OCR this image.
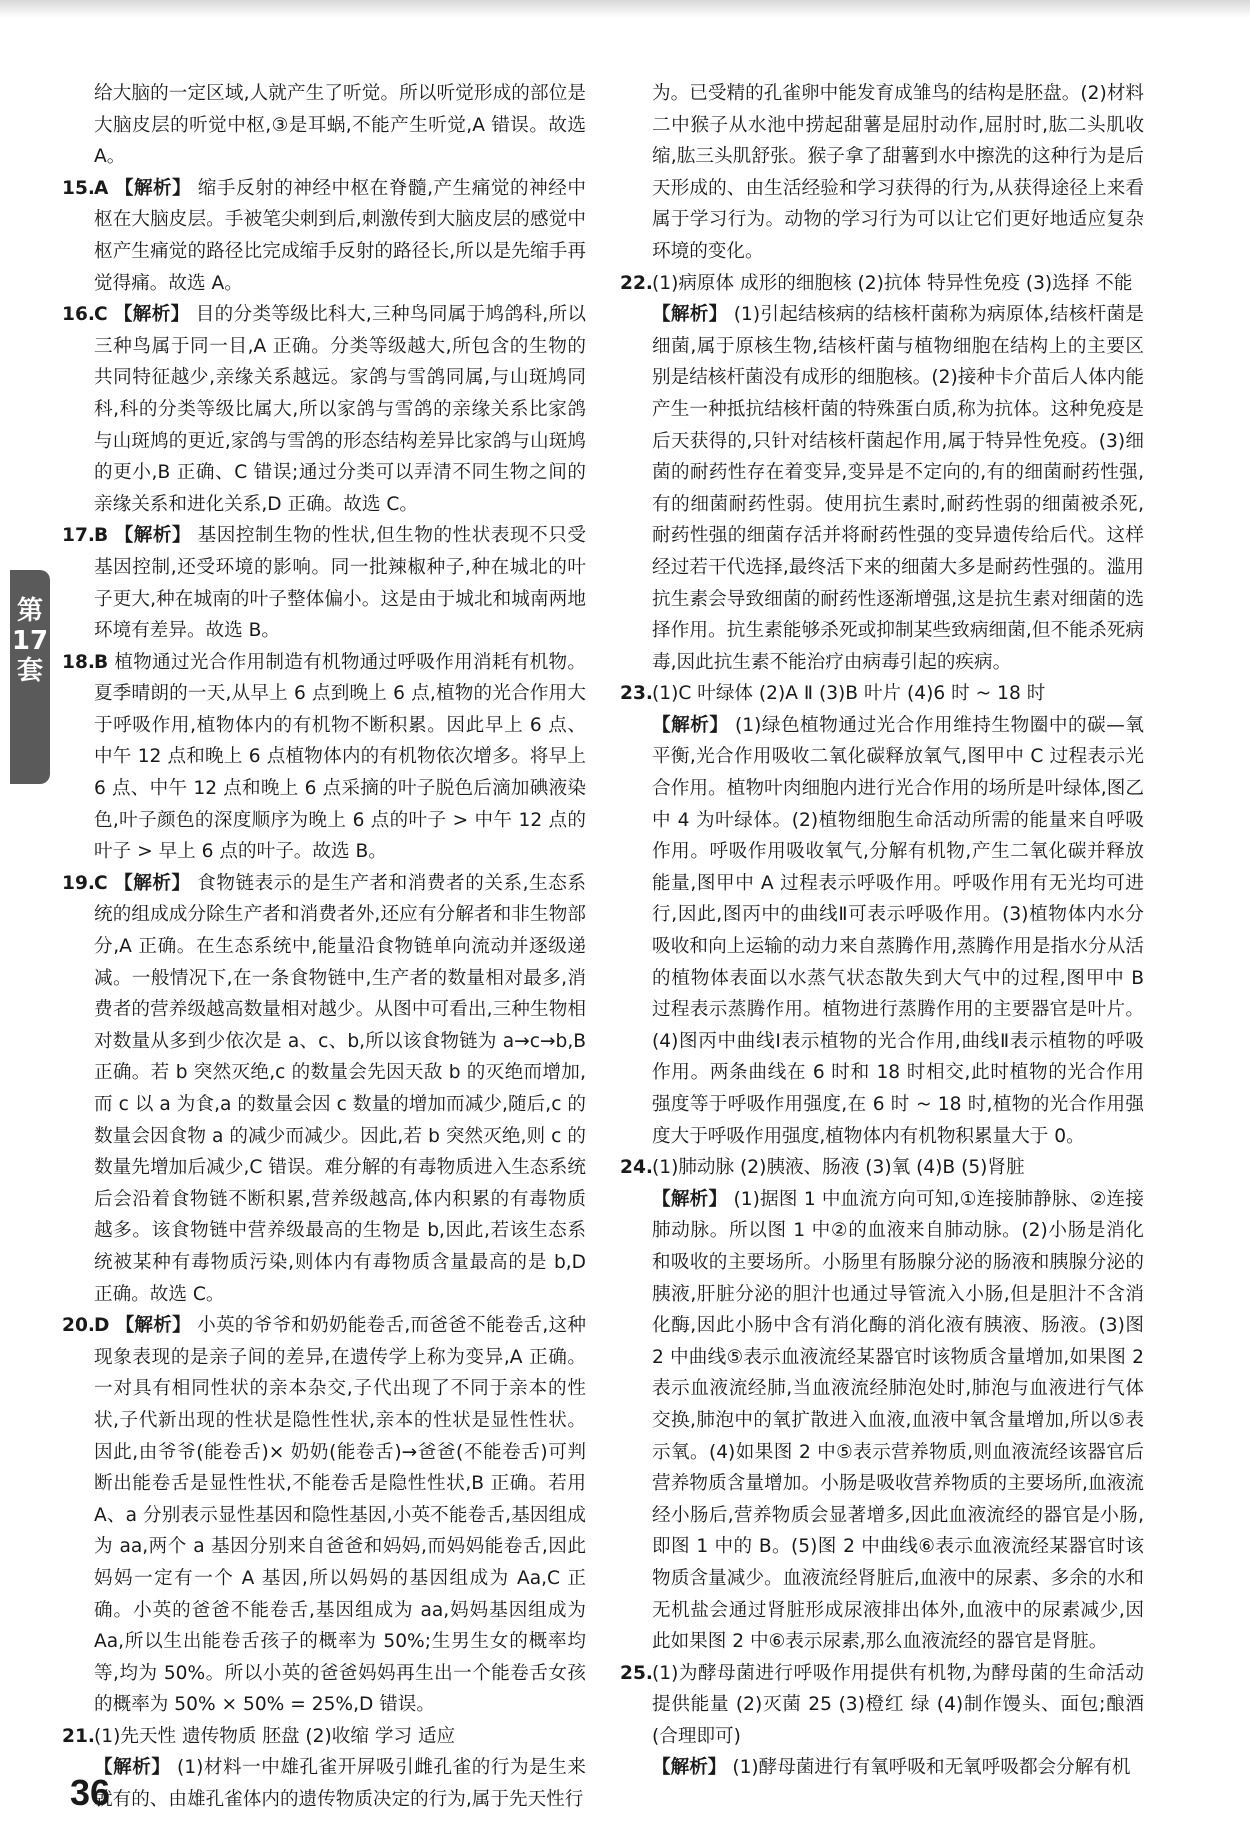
给大脑的一定区域,人就产生了听觉。所以听觉形成的部位是大脑皮层的听觉中枢,③是耳蜗,不能产生听觉,A 错误。故选 A。

15. A 【解析】 缩手反射的神经中枢在脊髓,产生痛觉的神经中枢在大脑皮层。手被笔尖刺到后,刺激传到大脑皮层的感觉中枢产生痛觉的路径比完成缩手反射的路径长,所以是先缩手再觉得痛。故选 A。

16. C 【解析】 目的分类等级比科大,三种鸟同属于鸠鸽科,所以三种鸟属于同一目,A 正确。分类等级越大,所包含的生物的共同特征越少,亲缘关系越远。家鸽与雪鸽同属,与山斑鸠同科,科的分类等级比属大,所以家鸽与雪鸽的亲缘关系比家鸽与山斑鸠的更近,家鸽与雪鸽的形态结构差异比家鸽与山斑鸠的更小,B 正确、C 错误;通过分类可以弄清不同生物之间的亲缘关系和进化关系,D 正确。故选 C。

17. B 【解析】 基因控制生物的性状,但生物的性状表现不只受基因控制,还受环境的影响。同一批辣椒种子,种在城北的叶子更大,种在城南的叶子整体偏小。这是由于城北和城南两地环境有差异。故选 B。

18. B 植物通过光合作用制造有机物通过呼吸作用消耗有机物。夏季晴朗的一天,从早上 6 点到晚上 6 点,植物的光合作用大于呼吸作用,植物体内的有机物不断积累。因此早上 6 点、中午 12 点和晚上 6 点植物体内的有机物依次增多。将早上 6 点、中午 12 点和晚上 6 点采摘的叶子脱色后滴加碘液染色,叶子颜色的深度顺序为晚上 6 点的叶子 > 中午 12 点的叶子 > 早上 6 点的叶子。故选 B。

19. C 【解析】 食物链表示的是生产者和消费者的关系,生态系统的组成成分除生产者和消费者外,还应有分解者和非生物部分,A 正确。在生态系统中,能量沿食物链单向流动并逐级递减。一般情况下,在一条食物链中,生产者的数量相对最多,消费者的营养级越高数量相对越少。从图中可看出,三种生物相对数量从多到少依次是 a、c、b,所以该食物链为 a→c→b,B 正确。若 b 突然灭绝,c 的数量会先因天敌 b 的灭绝而增加,而 c 以 a 为食,a 的数量会因 c 数量的增加而减少,随后,c 的数量会因食物 a 的减少而减少。因此,若 b 突然灭绝,则 c 的数量先增加后减少,C 错误。难分解的有毒物质进入生态系统后会沿着食物链不断积累,营养级越高,体内积累的有毒物质越多。该食物链中营养级最高的生物是 b,因此,若该生态系统被某种有毒物质污染,则体内有毒物质含量最高的是 b,D 正确。故选 C。

20. D 【解析】 小英的爷爷和奶奶能卷舌,而爸爸不能卷舌,这种现象表现的是亲子间的差异,在遗传学上称为变异,A 正确。一对具有相同性状的亲本杂交,子代出现了不同于亲本的性状,子代新出现的性状是隐性性状,亲本的性状是显性性状。因此,由爷爷(能卷舌)× 奶奶(能卷舌)→爸爸(不能卷舌)可判断出能卷舌是显性性状,不能卷舌是隐性性状,B 正确。若用 A、a 分别表示显性基因和隐性基因,小英不能卷舌,基因组成为 aa,两个 a 基因分别来自爸爸和妈妈,而妈妈能卷舌,因此妈妈一定有一个 A 基因,所以妈妈的基因组成为 Aa,C 正确。小英的爸爸不能卷舌,基因组成为 aa,妈妈基因组成为 Aa,所以生出能卷舌孩子的概率为 50%;生男生女的概率均等,均为 50%。所以小英的爸爸妈妈再生出一个能卷舌女孩的概率为 50% × 50% = 25%,D 错误。

21. (1)先天性 遗传物质 胚盘 (2)收缩 学习 适应

【解析】 (1)材料一中雄孔雀开屏吸引雌孔雀的行为是生来就有的、由雄孔雀体内的遗传物质决定的行为,属于先天性行

为。已受精的孔雀卵中能发育成雏鸟的结构是胚盘。(2)材料二中猴子从水池中捞起甜薯是屈肘动作,屈肘时,肱二头肌收缩,肱三头肌舒张。猴子拿了甜薯到水中擦洗的这种行为是后天形成的、由生活经验和学习获得的行为,从获得途径上来看属于学习行为。动物的学习行为可以让它们更好地适应复杂环境的变化。

22. (1)病原体 成形的细胞核 (2)抗体 特异性免疫 (3)选择 不能

【解析】 (1)引起结核病的结核杆菌称为病原体,结核杆菌是细菌,属于原核生物,结核杆菌与植物细胞在结构上的主要区别是结核杆菌没有成形的细胞核。(2)接种卡介苗后人体内能产生一种抵抗结核杆菌的特殊蛋白质,称为抗体。这种免疫是后天获得的,只针对结核杆菌起作用,属于特异性免疫。(3)细菌的耐药性存在着变异,变异是不定向的,有的细菌耐药性强,有的细菌耐药性弱。使用抗生素时,耐药性弱的细菌被杀死,耐药性强的细菌存活并将耐药性强的变异遗传给后代。这样经过若干代选择,最终活下来的细菌大多是耐药性强的。滥用抗生素会导致细菌的耐药性逐渐增强,这是抗生素对细菌的选择作用。抗生素能够杀死或抑制某些致病细菌,但不能杀死病毒,因此抗生素不能治疗由病毒引起的疾病。

23. (1)C 叶绿体 (2)A Ⅱ (3)B 叶片 (4)6 时 ~ 18 时

【解析】 (1)绿色植物通过光合作用维持生物圈中的碳—氧平衡,光合作用吸收二氧化碳释放氧气,图甲中 C 过程表示光合作用。植物叶肉细胞内进行光合作用的场所是叶绿体,图乙中 4 为叶绿体。(2)植物细胞生命活动所需的能量来自呼吸作用。呼吸作用吸收氧气,分解有机物,产生二氧化碳并释放能量,图甲中 A 过程表示呼吸作用。呼吸作用有无光均可进行,因此,图丙中的曲线Ⅱ可表示呼吸作用。(3)植物体内水分吸收和向上运输的动力来自蒸腾作用,蒸腾作用是指水分从活的植物体表面以水蒸气状态散失到大气中的过程,图甲中 B 过程表示蒸腾作用。植物进行蒸腾作用的主要器官是叶片。(4)图丙中曲线Ⅰ表示植物的光合作用,曲线Ⅱ表示植物的呼吸作用。两条曲线在 6 时和 18 时相交,此时植物的光合作用强度等于呼吸作用强度,在 6 时 ~ 18 时,植物的光合作用强度大于呼吸作用强度,植物体内有机物积累量大于 0。

24. (1)肺动脉 (2)胰液、肠液 (3)氧 (4)B (5)肾脏

【解析】 (1)据图 1 中血流方向可知,①连接肺静脉、②连接肺动脉。所以图 1 中②的血液来自肺动脉。(2)小肠是消化和吸收的主要场所。小肠里有肠腺分泌的肠液和胰腺分泌的胰液,肝脏分泌的胆汁也通过导管流入小肠,但是胆汁不含消化酶,因此小肠中含有消化酶的消化液有胰液、肠液。(3)图 2 中曲线⑤表示血液流经某器官时该物质含量增加,如果图 2 表示血液流经肺,当血液流经肺泡处时,肺泡与血液进行气体交换,肺泡中的氧扩散进入血液,血液中氧含量增加,所以⑤表示氧。(4)如果图 2 中⑤表示营养物质,则血液流经该器官后营养物质含量增加。小肠是吸收营养物质的主要场所,血液流经小肠后,营养物质会显著增多,因此血液流经的器官是小肠,即图 1 中的 B。(5)图 2 中曲线⑥表示血液流经某器官时该物质含量减少。血液流经肾脏后,血液中的尿素、多余的水和无机盐会通过肾脏形成尿液排出体外,血液中的尿素减少,因此如果图 2 中⑥表示尿素,那么血液流经的器官是肾脏。

25. (1)为酵母菌进行呼吸作用提供有机物,为酵母菌的生命活动提供能量 (2)灭菌 25 (3)橙红 绿 (4)制作馒头、面包;酿酒(合理即可)

【解析】 (1)酵母菌进行有氧呼吸和无氧呼吸都会分解有机

第
17
套
36
